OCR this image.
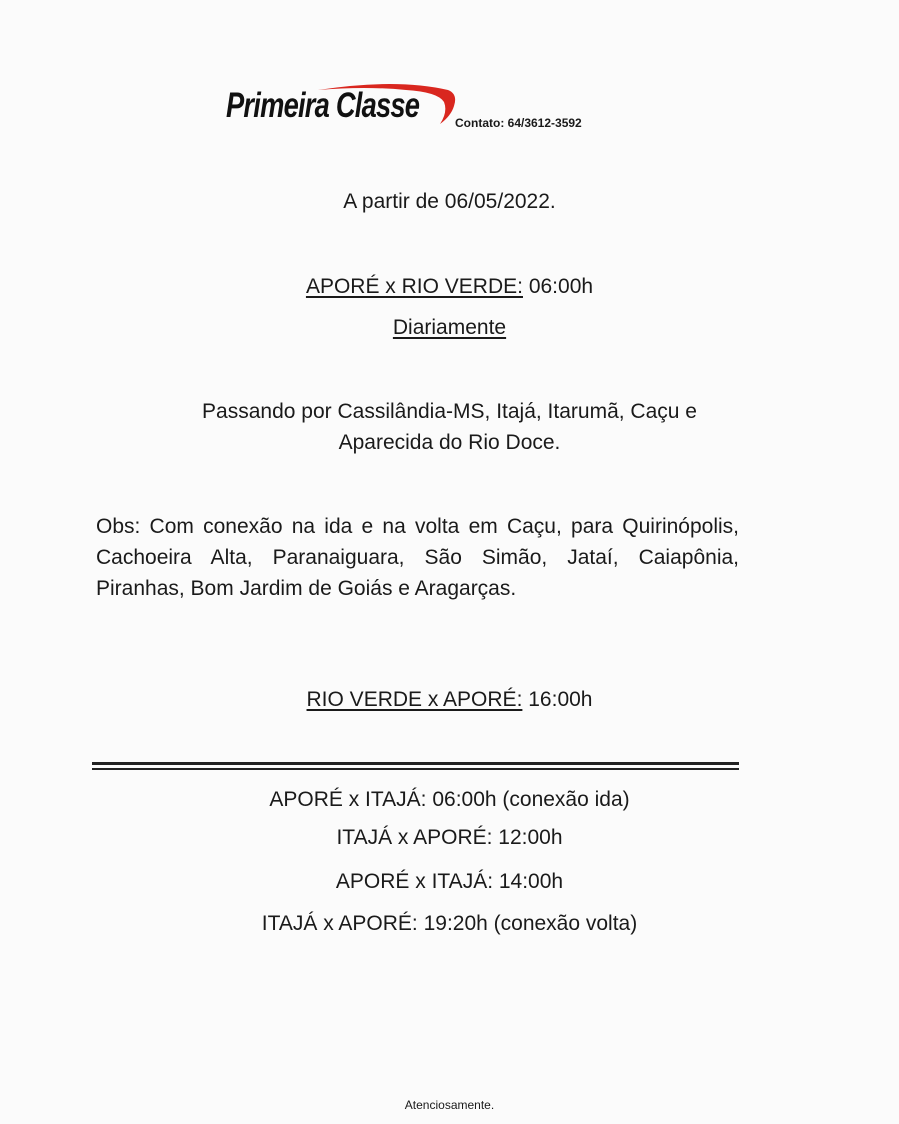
Primeira Classe	Contato: 64/3612-3592
A partir de 06/05/2022.
APORÉ x RIO VERDE: 06:00h
Diariamente
Passando por Cassilândia-MS, Itajá, Itarumã, Caçu e
Aparecida do Rio Doce.
Obs: Com conexão na ida e na volta em Caçu, para Quirinópolis, Cachoeira Alta, Paranaiguara, São Simão, Jataí, Caiapônia, Piranhas, Bom Jardim de Goiás e Aragarças.
RIO VERDE x APORÉ: 16:00h
APORÉ x ITAJÁ: 06:00h (conexão ida)
ITAJÁ x APORÉ: 12:00h
APORÉ x ITAJÁ: 14:00h
ITAJÁ x APORÉ: 19:20h (conexão volta)
Atenciosamente.
